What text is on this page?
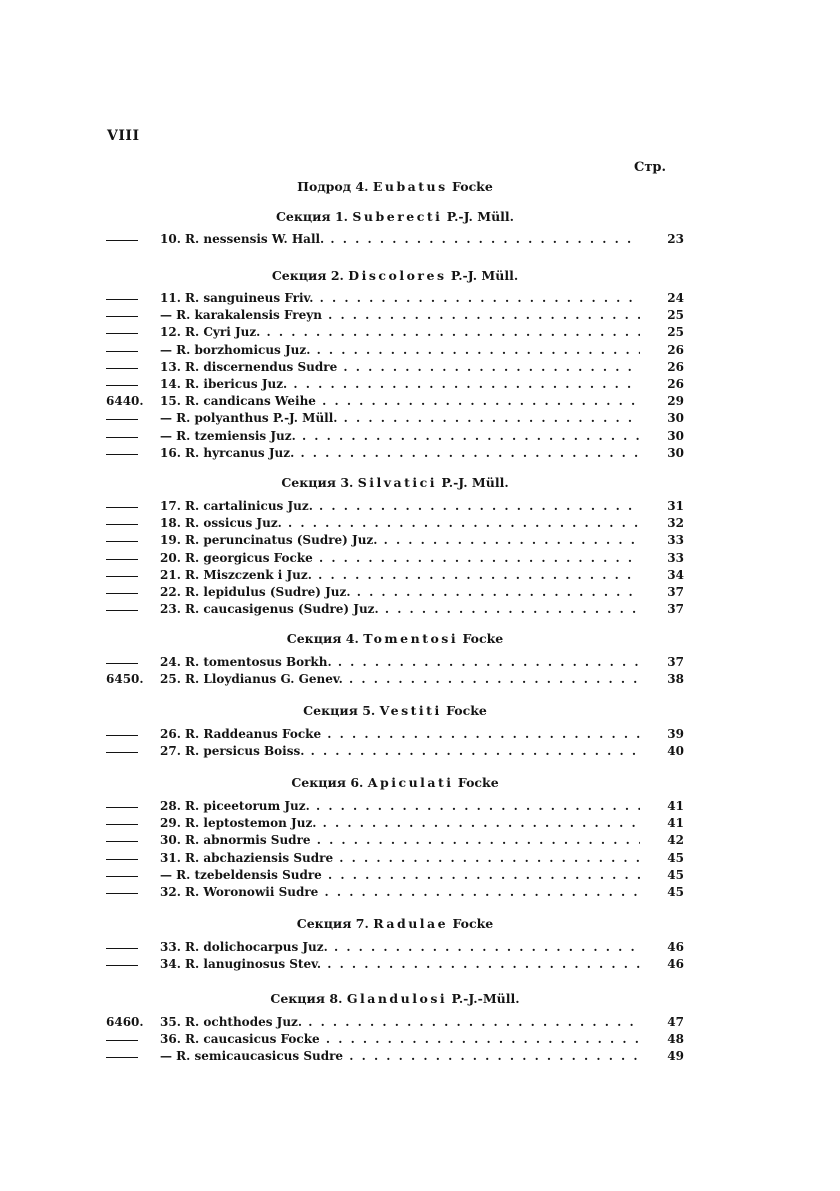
VIII
Стр.
Подрод 4. Eubatus Focke
Секция 1. Suberecti P.-J. Müll.
10. R. nessensis W. Hall. . . .	23
Секция 2. Discolores P.-J. Müll.
11. R. sanguineus Friv. . . .	24
— R. karakalensis Freyn . . .	25
12. R. Cyri Juz. . . .	25
— R. borzhomicus Juz. . . .	26
13. R. discernendus Sudre . . .	26
14. R. ibericus Juz. . . .	26
6440. 15. R. candicans Weihe . . .	29
— R. polyanthus P.-J. Müll. . . .	30
— R. tzemiensis Juz. . . .	30
16. R. hyrcanus Juz. . . .	30
Секция 3. Silvatici P.-J. Müll.
17. R. cartalinicus Juz. . . .	31
18. R. ossicus Juz. . . .	32
19. R. peruncinatus (Sudre) Juz. . . .	33
20. R. georgicus Focke . . .	33
21. R. Miszczenk i Juz. . . .	34
22. R. lepidulus (Sudre) Juz. . . .	37
23. R. caucasigenus (Sudre) Juz. . . .	37
Секция 4. Tomentosi Focke
24. R. tomentosus Borkh. . . .	37
6450. 25. R. Lloydianus G. Genev. . . .	38
Секция 5. Vestiti Focke
26. R. Raddeanus Focke . . .	39
27. R. persicus Boiss. . . .	40
Секция 6. Apiculati Focke
28. R. piceetorum Juz. . . .	41
29. R. leptostemon Juz. . . .	41
30. R. abnormis Sudre . . .	42
31. R. abchaziensis Sudre . . .	45
— R. tzebeldensis Sudre . . .	45
32. R. Woronowii Sudre . . .	45
Секция 7. Radulae Focke
33. R. dolichocarpus Juz. . . .	46
34. R. lanuginosus Stev. . . .	46
Секция 8. Glandulosi P.-J.-Müll.
6460. 35. R. ochthodes Juz. . . .	47
36. R. caucasicus Focke . . .	48
— R. semicaucasicus Sudre . . .	49
